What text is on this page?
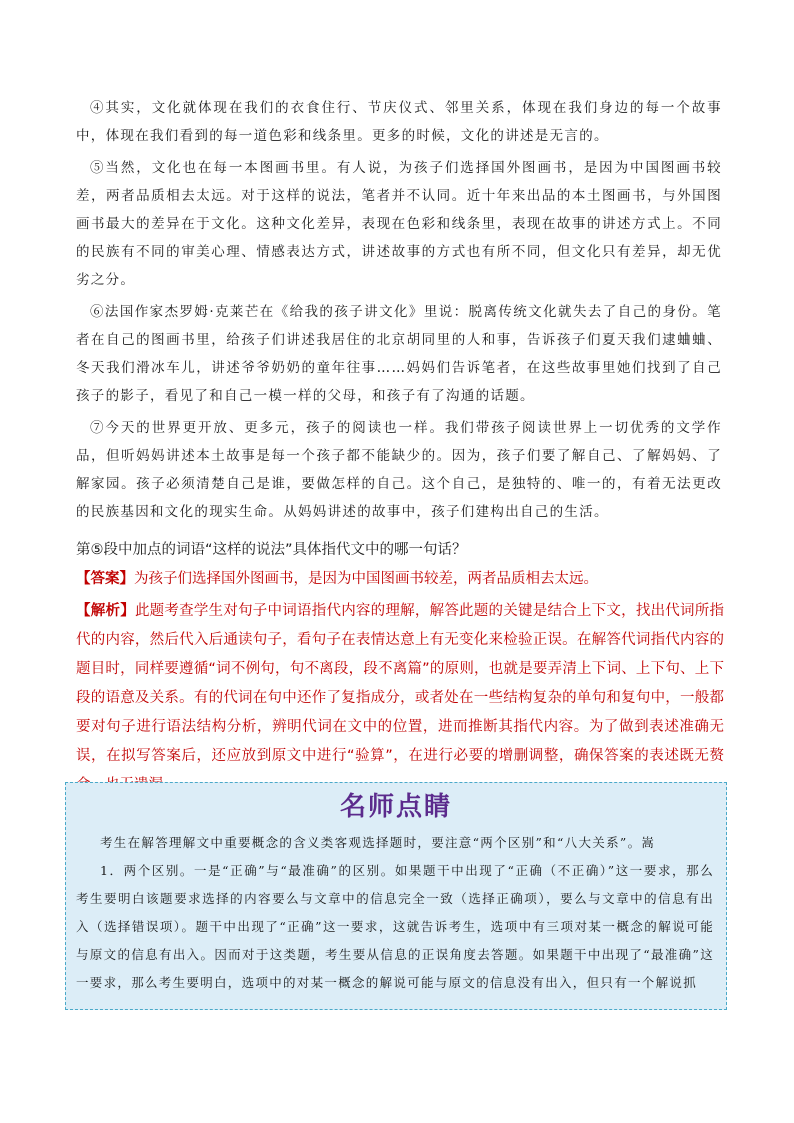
④其实，文化就体现在我们的衣食住行、节庆仪式、邻里关系，体现在我们身边的每一个故事中，体现在我们看到的每一道色彩和线条里。更多的时候，文化的讲述是无言的。

⑤当然，文化也在每一本图画书里。有人说，为孩子们选择国外图画书，是因为中国图画书较差，两者品质相去太远。对于这样的说法，笔者并不认同。近十年来出品的本土图画书，与外国图画书最大的差异在于文化。这种文化差异，表现在色彩和线条里，表现在故事的讲述方式上。不同的民族有不同的审美心理、情感表达方式，讲述故事的方式也有所不同，但文化只有差异，却无优劣之分。

⑥法国作家杰罗姆·克莱芒在《给我的孩子讲文化》里说：脱离传统文化就失去了自己的身份。笔者在自己的图画书里，给孩子们讲述我居住的北京胡同里的人和事，告诉孩子们夏天我们逮蛐蛐、冬天我们滑冰车儿，讲述爷爷奶奶的童年往事……妈妈们告诉笔者，在这些故事里她们找到了自己孩子的影子，看见了和自己一模一样的父母，和孩子有了沟通的话题。

⑦今天的世界更开放、更多元，孩子的阅读也一样。我们带孩子阅读世界上一切优秀的文学作品，但听妈妈讲述本土故事是每一个孩子都不能缺少的。因为，孩子们要了解自己、了解妈妈、了解家园。孩子必须清楚自己是谁，要做怎样的自己。这个自己，是独特的、唯一的，有着无法更改的民族基因和文化的现实生命。从妈妈讲述的故事中，孩子们建构出自己的生活。

第⑤段中加点的词语“这样的说法”具体指代文中的哪一句话？
【答案】为孩子们选择国外图画书，是因为中国图画书较差，两者品质相去太远。
【解析】此题考查学生对句子中词语指代内容的理解，解答此题的关键是结合上下文，找出代词所指代的内容，然后代入后通读句子，看句子在表情达意上有无变化来检验正误。在解答代词指代内容的题目时，同样要遵循“词不例句，句不离段，段不离篇”的原则，也就是要弄清上下词、上下句、上下段的语意及关系。有的代词在句中还作了复指成分，或者处在一些结构复杂的单句和复句中，一般都要对句子进行语法结构分析，辨明代词在文中的位置，进而推断其指代内容。为了做到表述准确无误，在拟写答案后，还应放到原文中进行“验算”，在进行必要的增删调整，确保答案的表述既无赘
名师点睛

考生在解答理解文中重要概念的含义类客观选择题时，要注意“两个区别”和“八大关系”。嵩

1．两个区别。一是“正确”与“最准确”的区别。如果题干中出现了“正确（不正确）”这一要求，那么考生要明白该题要求选择的内容要么与文章中的信息完全一致（选择正确项），要么与文章中的信息有出入（选择错误项）。题干中出现了“正确”这一要求，这就告诉考生，选项中有三项对某一概念的解说可能与原文的信息有出入。因而对于这类题，考生要从信息的正误角度去答题。如果题干中出现了“最准确”这一要求，那么考生要明白，选项中的对某一概念的解说可能与原文的信息没有出入，但只有一个解说抓
